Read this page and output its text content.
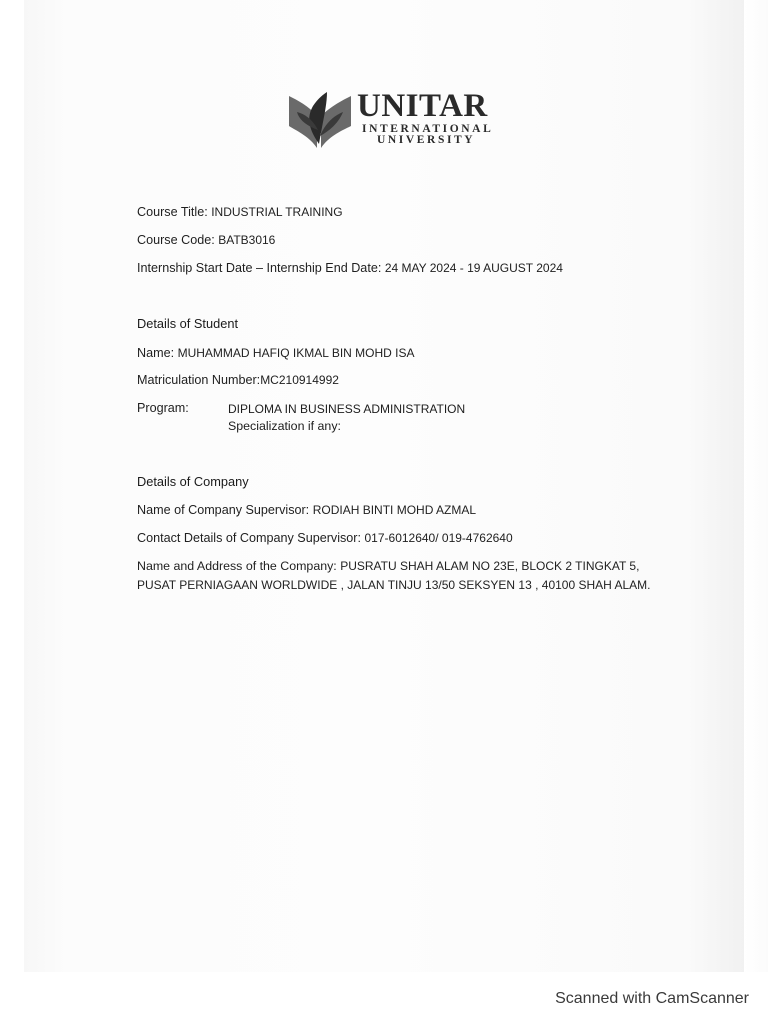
UNITAR
INTERNATIONAL
UNIVERSITY
Course Title: INDUSTRIAL TRAINING
Course Code: BATB3016
Internship Start Date – Internship End Date: 24 MAY 2024 - 19 AUGUST 2024
Details of Student
Name: MUHAMMAD HAFIQ IKMAL BIN MOHD ISA
Matriculation Number:MC210914992
Program:	DIPLOMA IN BUSINESS ADMINISTRATION
Specialization if any:
Details of Company
Name of Company Supervisor: RODIAH BINTI MOHD AZMAL
Contact Details of Company Supervisor: 017-6012640/ 019-4762640
Name and Address of the Company: PUSRATU SHAH ALAM NO 23E, BLOCK 2 TINGKAT 5, PUSAT PERNIAGAAN WORLDWIDE , JALAN TINJU 13/50 SEKSYEN 13 , 40100 SHAH ALAM.
Scanned with CamScanner
